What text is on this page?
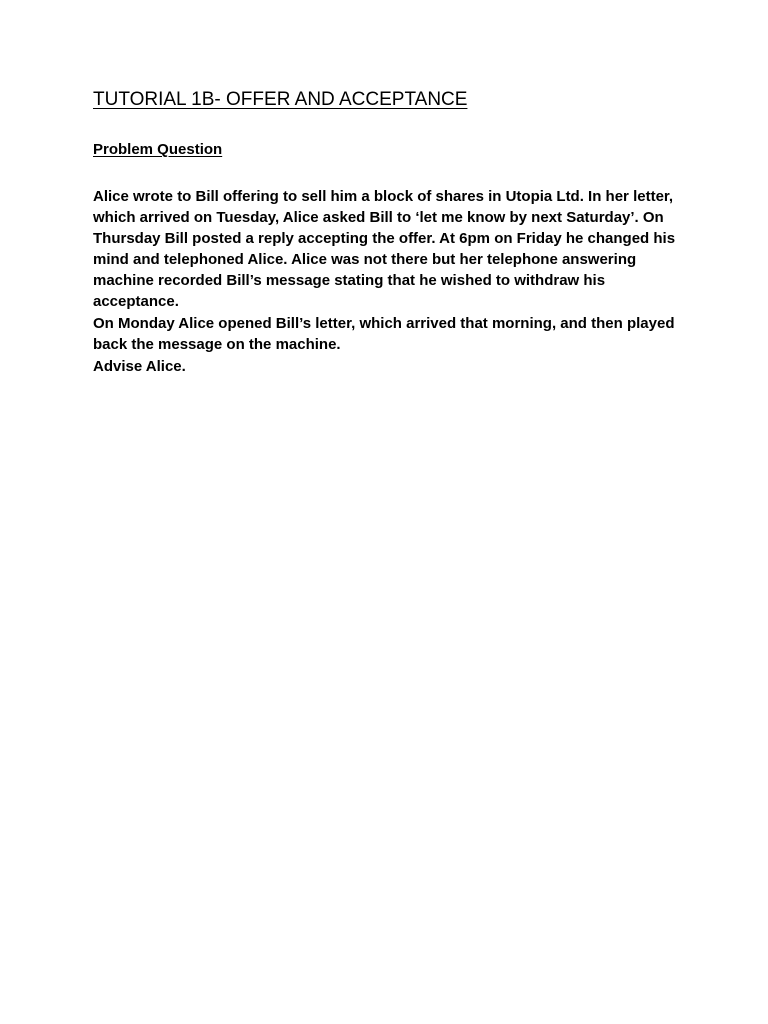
TUTORIAL 1B- OFFER AND ACCEPTANCE
Problem Question

Alice wrote to Bill offering to sell him a block of shares in Utopia Ltd. In her letter, which arrived on Tuesday, Alice asked Bill to ‘let me know by next Saturday’. On Thursday Bill posted a reply accepting the offer. At 6pm on Friday he changed his mind and telephoned Alice. Alice was not there but her telephone answering machine recorded Bill’s message stating that he wished to withdraw his acceptance.

On Monday Alice opened Bill’s letter, which arrived that morning, and then played back the message on the machine.

Advise Alice.
